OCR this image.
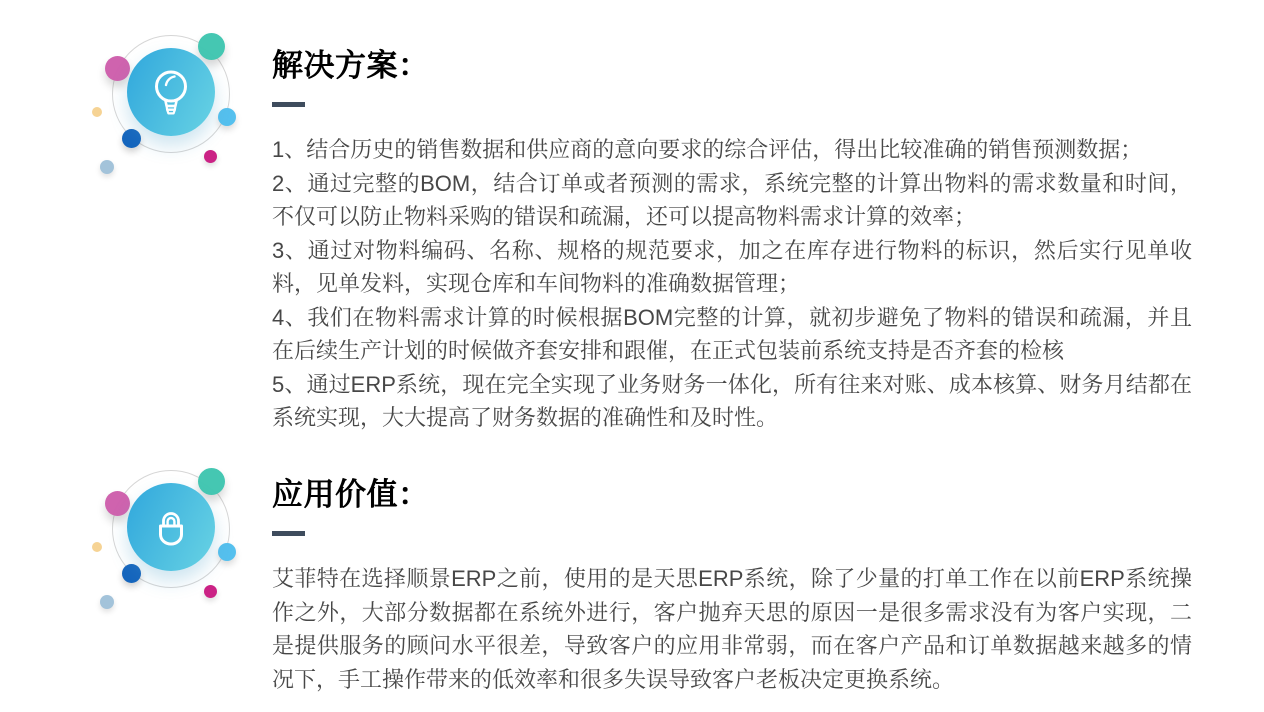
解决方案：
1、结合历史的销售数据和供应商的意向要求的综合评估，得出比较准确的销售预测数据；
2、通过完整的BOM，结合订单或者预测的需求，系统完整的计算出物料的需求数量和时间，不仅可以防止物料采购的错误和疏漏，还可以提高物料需求计算的效率；
3、通过对物料编码、名称、规格的规范要求，加之在库存进行物料的标识，然后实行见单收料，见单发料，实现仓库和车间物料的准确数据管理；
4、我们在物料需求计算的时候根据BOM完整的计算，就初步避免了物料的错误和疏漏，并且在后续生产计划的时候做齐套安排和跟催，在正式包装前系统支持是否齐套的检核
5、通过ERP系统，现在完全实现了业务财务一体化，所有往来对账、成本核算、财务月结都在系统实现，大大提高了财务数据的准确性和及时性。
应用价值：
艾菲特在选择顺景ERP之前，使用的是天思ERP系统，除了少量的打单工作在以前ERP系统操作之外，大部分数据都在系统外进行，客户抛弃天思的原因一是很多需求没有为客户实现，二是提供服务的顾问水平很差，导致客户的应用非常弱，而在客户产品和订单数据越来越多的情况下，手工操作带来的低效率和很多失误导致客户老板决定更换系统。
